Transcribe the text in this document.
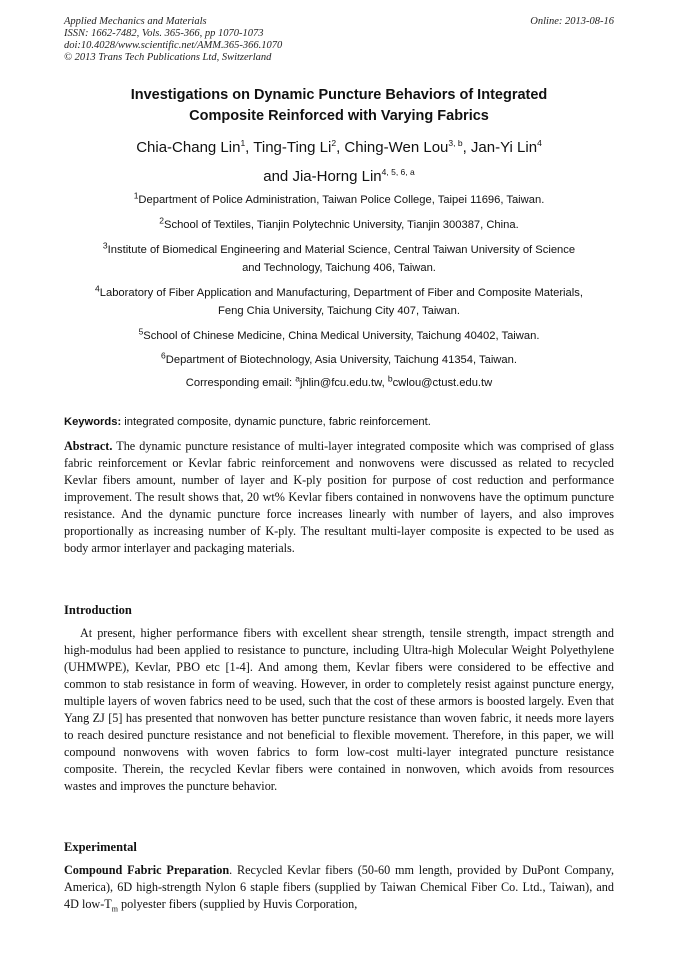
Applied Mechanics and Materials
ISSN: 1662-7482, Vols. 365-366, pp 1070-1073
doi:10.4028/www.scientific.net/AMM.365-366.1070
© 2013 Trans Tech Publications Ltd, Switzerland
Online: 2013-08-16
Investigations on Dynamic Puncture Behaviors of Integrated
Composite Reinforced with Varying Fabrics
Chia-Chang Lin$^1$, Ting-Ting Li$^2$, Ching-Wen Lou$^{3, b}$, Jan-Yi Lin$^4$
and Jia-Horng Lin$^{4, 5, 6, a}$
$^1$Department of Police Administration, Taiwan Police College, Taipei 11696, Taiwan.
$^2$School of Textiles, Tianjin Polytechnic University, Tianjin 300387, China.
$^3$Institute of Biomedical Engineering and Material Science, Central Taiwan University of Science
and Technology, Taichung 406, Taiwan.
$^4$Laboratory of Fiber Application and Manufacturing, Department of Fiber and Composite Materials,
Feng Chia University, Taichung City 407, Taiwan.
$^5$School of Chinese Medicine, China Medical University, Taichung 40402, Taiwan.
$^6$Department of Biotechnology, Asia University, Taichung 41354, Taiwan.
Corresponding email: $^a$jhlin@fcu.edu.tw, $^b$cwlou@ctust.edu.tw
Keywords: integrated composite, dynamic puncture, fabric reinforcement.
Abstract. The dynamic puncture resistance of multi-layer integrated composite which was comprised of glass fabric reinforcement or Kevlar fabric reinforcement and nonwovens were discussed as related to recycled Kevlar fibers amount, number of layer and K-ply position for purpose of cost reduction and performance improvement. The result shows that, 20 wt% Kevlar fibers contained in nonwovens have the optimum puncture resistance. And the dynamic puncture force increases linearly with number of layers, and also improves proportionally as increasing number of K-ply. The resultant multi-layer composite is expected to be used as body armor interlayer and packaging materials.
Introduction
At present, higher performance fibers with excellent shear strength, tensile strength, impact strength and high-modulus had been applied to resistance to puncture, including Ultra-high Molecular Weight Polyethylene (UHMWPE), Kevlar, PBO etc [1-4]. And among them, Kevlar fibers were considered to be effective and common to stab resistance in form of weaving. However, in order to completely resist against puncture energy, multiple layers of woven fabrics need to be used, such that the cost of these armors is boosted largely. Even that Yang ZJ [5] has presented that nonwoven has better puncture resistance than woven fabric, it needs more layers to reach desired puncture resistance and not beneficial to flexible movement. Therefore, in this paper, we will compound nonwovens with woven fabrics to form low-cost multi-layer integrated puncture resistance composite. Therein, the recycled Kevlar fibers were contained in nonwoven, which avoids from resources wastes and improves the puncture behavior.
Experimental
Compound Fabric Preparation. Recycled Kevlar fibers (50-60 mm length, provided by DuPont Company, America), 6D high-strength Nylon 6 staple fibers (supplied by Taiwan Chemical Fiber Co. Ltd., Taiwan), and 4D low-$T_m$ polyester fibers (supplied by Huvis Corporation,
